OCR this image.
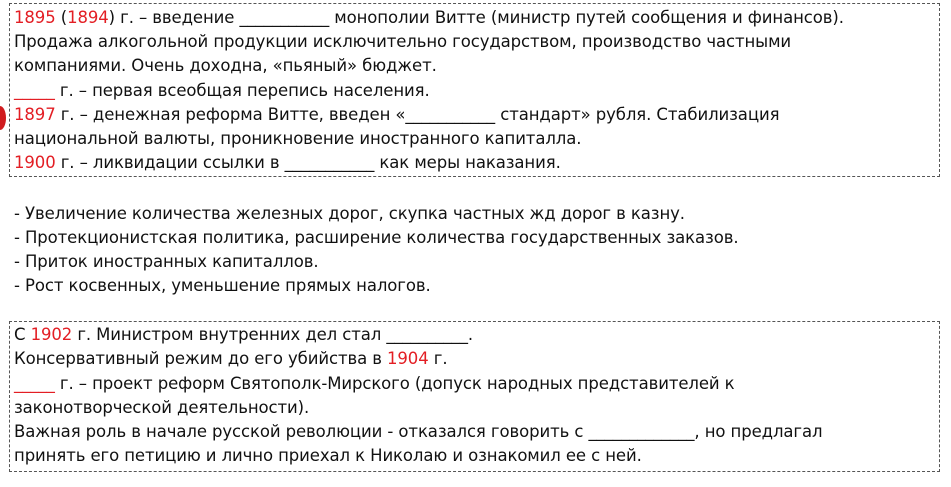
1895 (1894) г. – введение ___________ монополии Витте (министр путей сообщения и финансов).
Продажа алкогольной продукции исключительно государством, производство частными
компаниями. Очень доходна, «пьяный» бюджет.
_____ г. – первая всеобщая перепись населения.
1897 г. – денежная реформа Витте, введен «___________ стандарт» рубля. Стабилизация
национальной валюты, проникновение иностранного капиталла.
1900 г. – ликвидации ссылки в ___________ как меры наказания.
- Увеличение количества железных дорог, скупка частных жд дорог в казну.
- Протекционистская политика, расширение количества государственных заказов.
- Приток иностранных капиталлов.
- Рост косвенных, уменьшение прямых налогов.
С 1902 г. Министром внутренних дел стал __________.
Консервативный режим до его убийства в 1904 г.
_____ г. – проект реформ Святополк-Мирского (допуск народных представителей к
законотворческой деятельности).
Важная роль в начале русской революции - отказался говорить с _____________, но предлагал
принять его петицию и лично приехал к Николаю и ознакомил ее с ней.
